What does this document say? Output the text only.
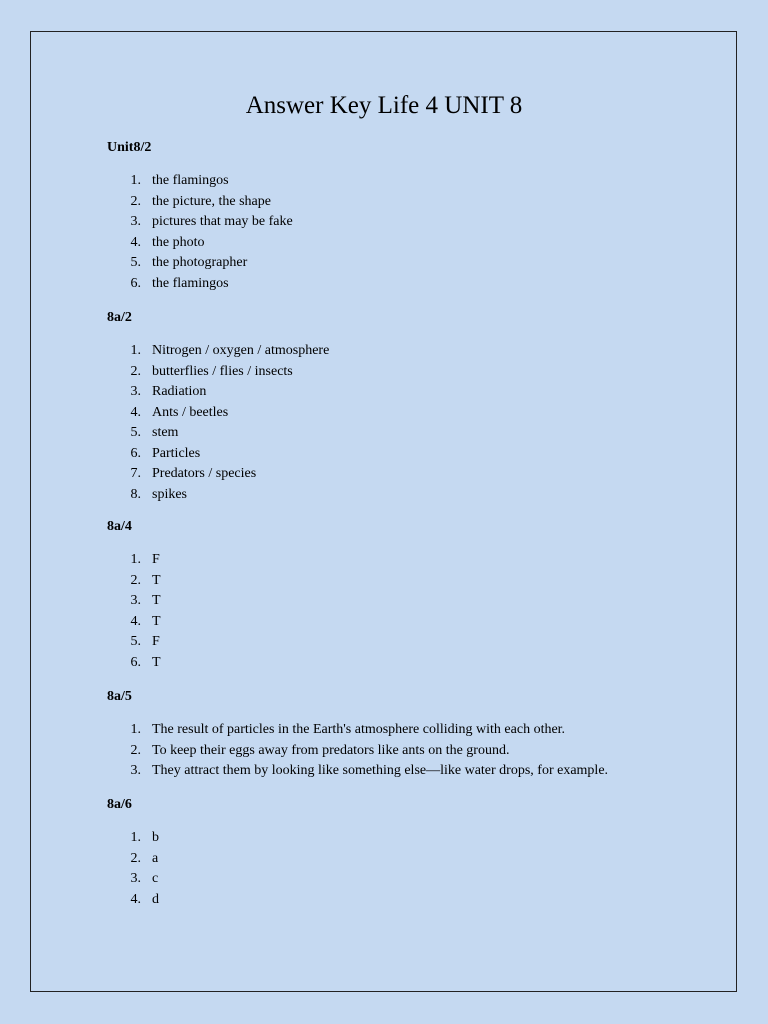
Answer Key Life 4 UNIT 8

Unit8/2

1. the flamingos
2. the picture, the shape
3. pictures that may be fake
4. the photo
5. the photographer
6. the flamingos

8a/2

1. Nitrogen / oxygen / atmosphere
2. butterflies / flies / insects
3. Radiation
4. Ants / beetles
5. stem
6. Particles
7. Predators / species
8. spikes

8a/4

1. F
2. T
3. T
4. T
5. F
6. T

8a/5

1. The result of particles in the Earth's atmosphere colliding with each other.
2. To keep their eggs away from predators like ants on the ground.
3. They attract them by looking like something else—like water drops, for example.

8a/6

1. b
2. a
3. c
4. d
